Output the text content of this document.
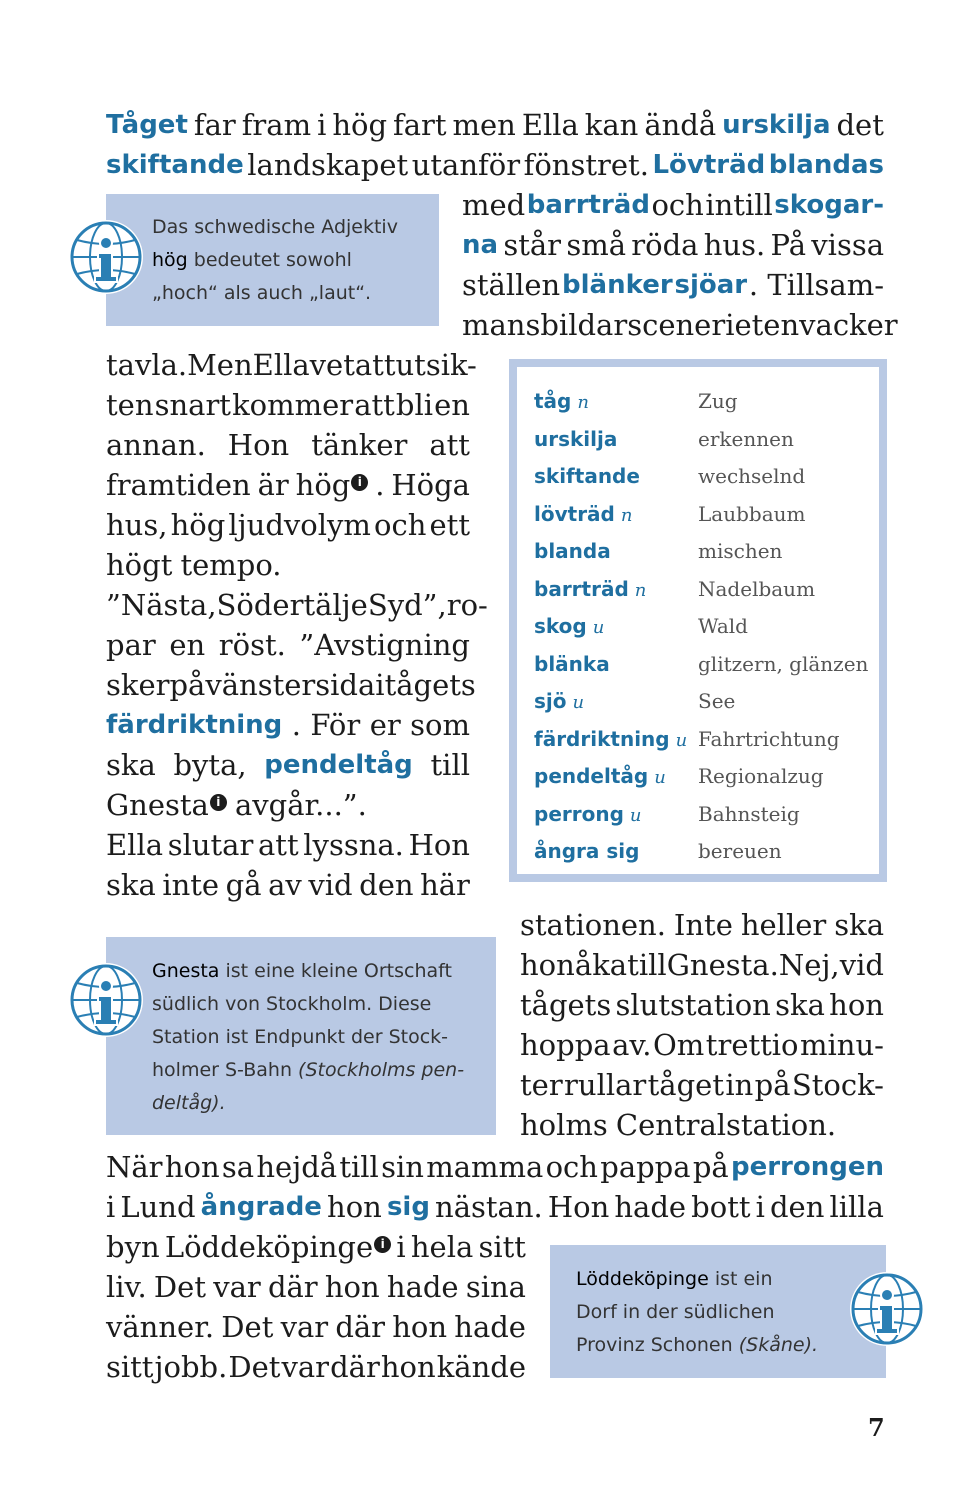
Tåget far fram i hög fart men Ella kan ändå urskilja det
skiftande landskapet utanför fönstret. Lövträd blandas
med barrträd och intill skogar-
na står små röda hus. På vissa
ställen blänker sjöar . Tillsam-
mans bildar sceneriet en vacker
tavla. Men Ella vet att utsik-
ten snart kommer att bli en
annan. Hon tänker att
framtiden är hög i . Höga
hus, hög ljudvolym och ett
högt tempo.
”Nästa, Södertälje Syd”, ro-
par en röst. ”Avstigning
sker på vänster sida i tågets
färdriktning . För er som
ska byta, pendeltåg till
Gnesta i avgår...”.
Ella slutar att lyssna. Hon
ska inte gå av vid den här
stationen. Inte heller ska
hon åka till Gnesta. Nej, vid
tågets slutstation ska hon
hoppa av. Om trettio minu-
ter rullar tåget in på Stock-
holms Centralstation.
När hon sa hejdå till sin mamma och pappa på perrongen
i Lund ångrade hon sig nästan. Hon hade bott i den lilla
byn Löddeköpinge i i hela sitt
liv. Det var där hon hade sina
vänner. Det var där hon hade
sitt jobb. Det var där hon kände
Das schwedische Adjektiv
hög bedeutet sowohl
„hoch“ als auch „laut“.
Gnesta ist eine kleine Ortschaft
südlich von Stockholm. Diese
Station ist Endpunkt der Stock-
holmer S-Bahn (Stockholms pen-
deltåg).
Löddeköpinge ist ein
Dorf in der südlichen
Provinz Schonen (Skåne).
tåg n	Zug
urskilja	erkennen
skiftande	wechselnd
lövträd n	Laubbaum
blanda	mischen
barrträd n	Nadelbaum
skog u	Wald
blänka	glitzern, glänzen
sjö u	See
färdriktning u Fahrtrichtung
pendeltåg u Regionalzug
perrong u	Bahnsteig
ångra sig	bereuen
7
